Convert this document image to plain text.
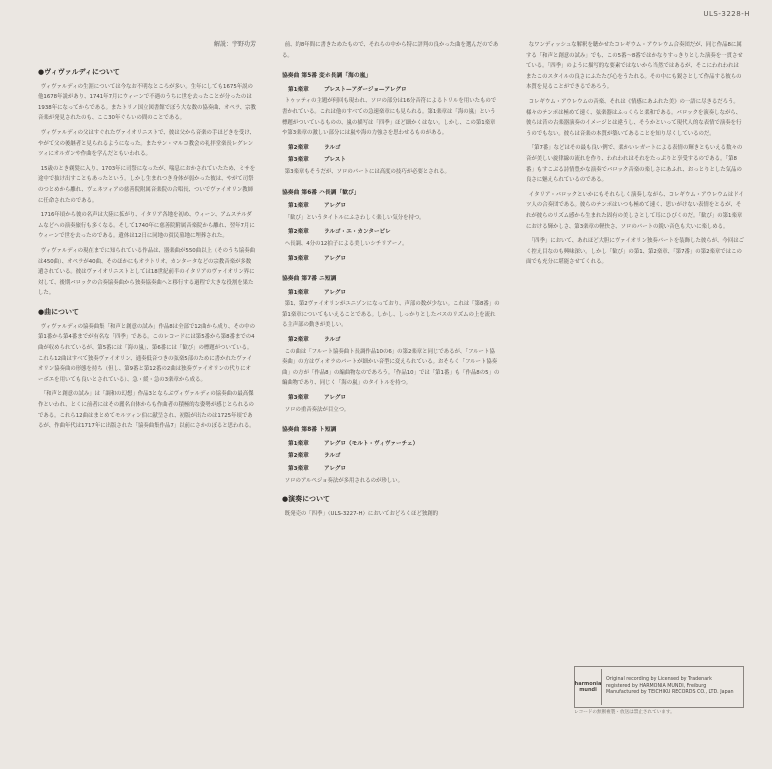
ULS-3228-H
解説：宇野功芳
●ヴィヴァルディについて

ヴィヴァルディの生涯については今なお不明なところが多い。生年にしても1675年説の他1678年説があり、1741年7月にウィーンで不遇のうちに世を去ったことが分ったのは1938年になってからである。またトリノ国立図書館でぼう大な数の協奏曲、オペラ、宗教音楽が発見されたのも、ここ30年ぐらいの間のことである。

ヴィヴァルディの父はすぐれたヴァイオリニストで、彼は父から音楽の手ほどきを受け、やがて父の後継者と見られるようになった。またサン・マルコ教会の礼拝堂楽長レグレンツィにオルガンや作曲を学んだともいわれる。

15歳のとき剃髪に入り、1703年に司祭になったが、喘息におかされていたため、ミサを途中で抜け出すこともあったという。しかし生まれつき身体が弱かった彼は、やがて司祭のつとめから離れ、ヴェネツィアの慈善院附属音楽院の合唱長、ついでヴァイオリン教師に任命されたのである。

1716年頃から彼の名声は大陸に拡がり、イタリア各地を初め、ウィーン、アムステルダムなどへの演奏旅行も多くなる。そして1740年に慈善院附属音楽院から離れ、翌年7月にウィーンで世を去ったのである。遺体は12日に同地の貧民墓地に埋葬された。

ヴィヴァルディの現在までに知られている作品は、器楽曲が550曲以上（そのうち協奏曲は450曲）、オペラが40曲、そのほかにもオラトリオ、カンタータなどの宗教音楽が多数遺されている。彼はヴァイオリニストとしては18世紀前半のイタリアのヴァイオリン界に対して、後期バロックの合奏協奏曲から独奏協奏曲へと移行する過程で大きな役割を果たした。

●曲について

ヴィヴァルディの協奏曲集「和声と創意の試み」作品8は全部で12曲から成り、その中の第1番から第4番までが有名な「四季」である。このレコードには第5番から第8番までの4曲が収められているが、第5番には「海の嵐」、第6番には「歓び」の標題がついている。これら12曲はすべて独奏ヴァイオリン、通奏低音つきの弦楽5部のために書かれたヴァイオリン協奏曲の形態を持ち（但し、第9番と第12番の2曲は独奏ヴァイオリンの代りにオーボエを用いても良いとされている）、急・緩・急の3楽章から成る。

「和声と創意の試み」は「調和の幻想」作品3とならぶヴィヴァルディの協奏曲の最高傑作といわれ、とくに前者にはその麗名自体からも作曲者の積極的な姿勢が感じとられるのである。これら12曲はまとめてモルツィン伯に献呈され、初版が出たのは1725年頃であるが、作曲年代は1717年に出版された「協奏曲集作品7」以前にさかのぼると思われる。

前、約8年間に書きためたもので、それらの中から特に評判の良かった曲を選んだのである。

協奏曲 第5番 変ホ長調「海の嵐」
第1楽章	プレスト—アダージョ—アレグロ

トゥッティの主題が何回も現われ、ソロの部分は16分音符によるトリルを用いたもので書かれている。これは他のすべての急速楽章にも見られる。第1楽章は「海の嵐」という標題がついているものの、嵐の描写は「四季」ほど細かくはない。しかし、この第1楽章や第3楽章の激しい部分には嵐や海の力強さを思わせるものがある。

第2楽章	ラルゴ
第3楽章	プレスト

第3楽章もそうだが、ソロのパートには高度の技巧が必要とされる。

協奏曲 第6番 ハ長調「歓び」
第1楽章	アレグロ

「歓び」というタイトルにふさわしく楽しい気分を持つ。

第2楽章	ラルゴ・エ・カンタービレ

ヘ長調、4分の12拍子による美しいシチリアーノ。

第3楽章	アレグロ
協奏曲 第7番 ニ短調
第1楽章	アレグロ

第1、第2ヴァイオリンがユニゾンになっており、声部の数が少ない。これは「第8番」の第1楽章についてもいえることである。しかし、しっかりとしたバスのリズムの上を流れる主声部の動きが美しい。

第2楽章	ラルゴ

この曲は「フルート協奏曲ト長調作品10の6」の第2楽章と同じであるが、「フルート協奏曲」の方はヴィオラのパートが細かい音型に変えられている。おそらく「フルート協奏曲」の方が「作品8」の編曲物なのであろう。「作品10」では「第1番」も「作品8の5」の編曲物であり、同じく「海の嵐」のタイトルを持つ。

第3楽章	アレグロ

ソロの重音奏法が目立つ。

協奏曲 第8番 ト短調
第1楽章	アレグロ（モルト・ヴィヴァーチェ）
第2楽章	ラルゴ
第3楽章	アレグロ

ソロのアルペジョ奏法が多用されるのが珍しい。

●演奏について

既発売の「四季」（ULS-3227-H）においておどろくほど独創的

なワンディッシュな解釈を聴かせたコレギウム・アウレウム合奏団だが、同じ作品8に属する「和声と創意の試み」でも、この5番〜8番ではかなりすっきりとした演奏を一貫させている。「四季」のように描写的な要素ではないから当然ではあるが、そこにわれわれはまたこのスタイルの良さにふたたび心をうたれる。その中にも鋭さとして作品する彼らの本質を見ることができるであろう。

コレギウム・アウレウムの音楽、それは《情感にあふれた美》の一語に尽きるだろう。様々のテンポは極めて速く、弦楽器はふっくらと柔和である。バロックを演奏しながら、彼らは昔の古楽器演奏のイメージとは違うし、そうかといって現代人的な表情で演奏を行うのでもない。彼らは音楽の本質が築いてあることを知り尽くしているのだ。

「第7番」などはその最も良い例で、柔かいレガートによる表情の輝きともいえる数々の音が美しい旋律線の流れを作り、われわれはそれをたっぷりと享受するのである。「第8番」もすこぶる詩情豊かな演奏でバロック音楽の楽しさにあふれ、おっとりとした気品の良さに魅えられているのである。

イタリア・バロックといかにもそれらしく演奏しながら、コレギウム・アウレウムはドイツ人の合奏団である。彼らのテンポはいつも極めて速く、思いがけない表情をとるが、それが彼らのリズム感から生まれた固有の美しさとして耳にひびくのだ。「歓び」の第1楽章における輝かしさ、第3楽章の軽快さ、ソロのパートの鋭い音色も大いに楽しめる。

「四季」において、あれほど大胆にヴァイオリン独奏パートを装飾した彼らが、今回はごく控え目なのも興味深い。しかし「歓び」の第1、第2楽章、「第7番」の第2楽章ではこの面でも充分に堪能させてくれる。

harmonia mundi
Original recording by Licensed by Tradenark
registered by HARMONIA MUNDI, Freiburg
Manufactured by TEICHIKU RECORDS CO., LTD. Japan
レコードの無断複製・放送は禁止されています。
